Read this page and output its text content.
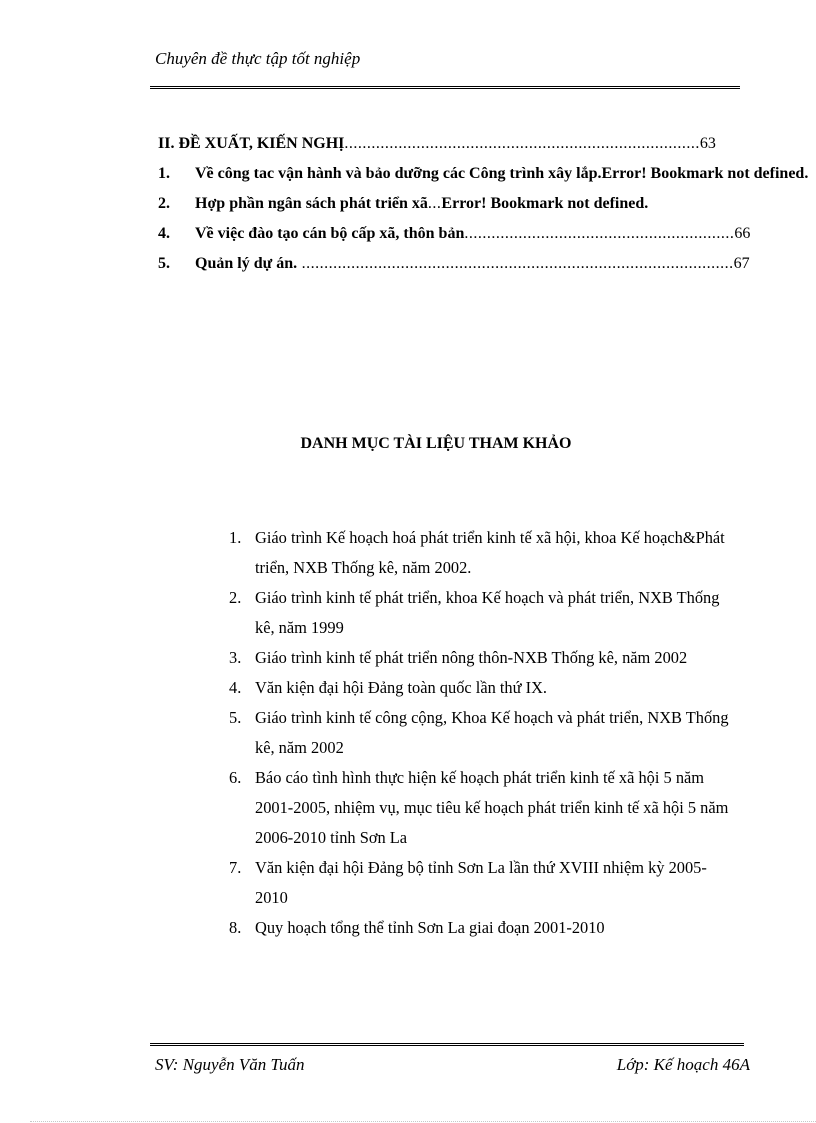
Chuyên đề thực tập tốt nghiệp
II. ĐỀ XUẤT, KIẾN NGHỊ...............................................................................63
1. Về công tac vận hành và bảo dưỡng các Công trình xây lắp.Error! Bookmark not defined.
2. Hợp phần ngân sách phát triển xã...Error! Bookmark not defined.
4. Về việc đào tạo cán bộ cấp xã, thôn bản............................................................66
5. Quản lý dự án. ................................................................................................67
DANH MỤC TÀI LIỆU THAM KHẢO
1. Giáo trình Kế hoạch hoá phát triển kinh tế xã hội, khoa Kế hoạch&Phát triển, NXB Thống kê, năm 2002.
2. Giáo trình kinh tế phát triển, khoa Kế hoạch và phát triển, NXB Thống kê, năm 1999
3. Giáo trình kinh tế phát triển nông thôn-NXB Thống kê, năm 2002
4. Văn kiện đại hội Đảng toàn quốc lần thứ IX.
5. Giáo trình kinh tế công cộng, Khoa Kế hoạch và phát triển, NXB Thống kê, năm 2002
6. Báo cáo tình hình thực hiện kế hoạch phát triển kinh tế xã hội 5 năm 2001-2005, nhiệm vụ, mục tiêu kế hoạch phát triển kinh tế xã hội 5 năm 2006-2010 tỉnh Sơn La
7. Văn kiện đại hội Đảng bộ tỉnh Sơn La lần thứ XVIII nhiệm kỳ 2005-2010
8. Quy hoạch tổng thể tỉnh Sơn La giai đoạn 2001-2010
SV: Nguyễn Văn Tuấn	Lớp: Kế hoạch 46A
